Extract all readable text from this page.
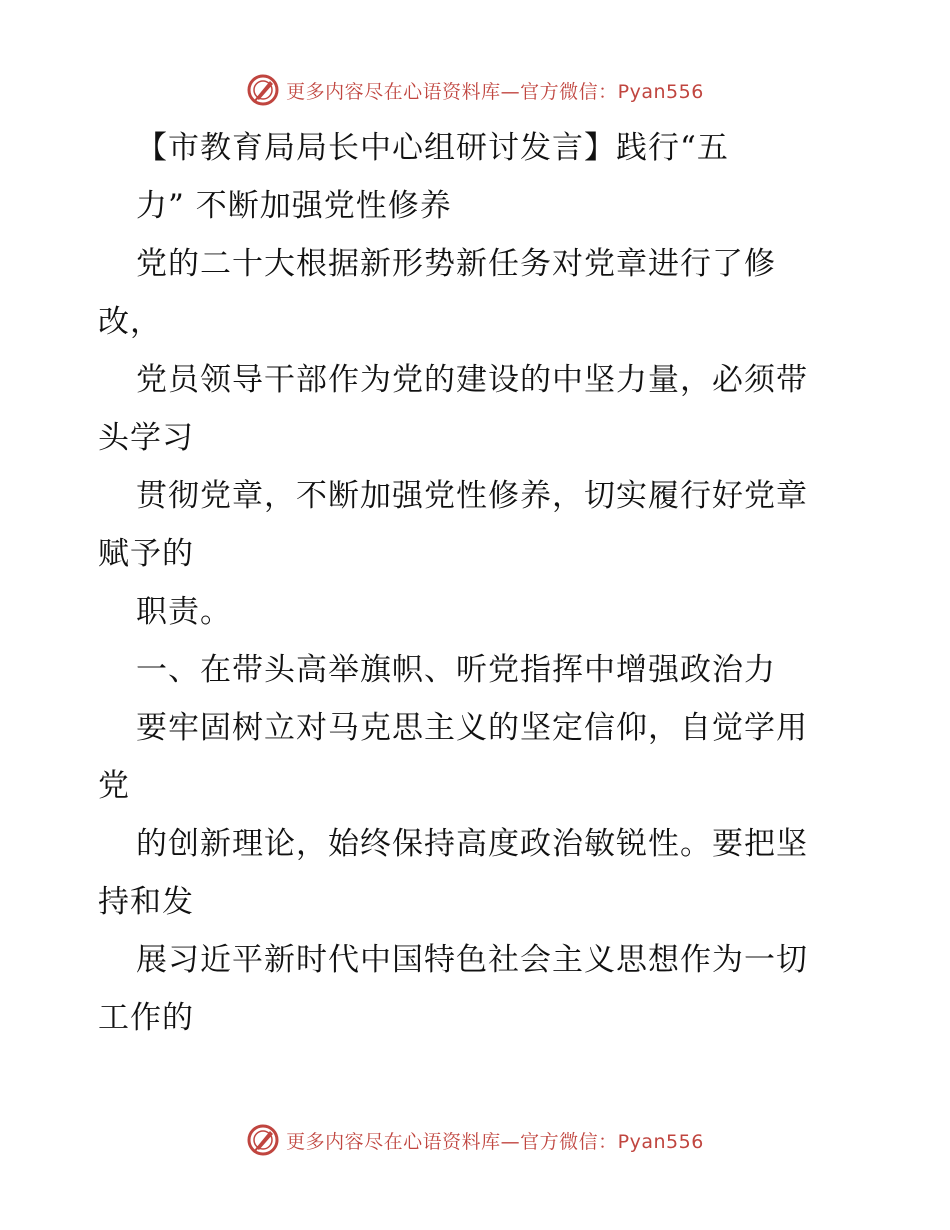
更多内容尽在心语资料库—官方微信：Pyan556
【市教育局局长中心组研讨发言】践行“五
力” 不断加强党性修养
党的二十大根据新形势新任务对党章进行了修
改，
党员领导干部作为党的建设的中坚力量，必须带
头学习
贯彻党章，不断加强党性修养，切实履行好党章
赋予的
职责。
一、在带头高举旗帜、听党指挥中增强政治力
要牢固树立对马克思主义的坚定信仰，自觉学用
党
的创新理论，始终保持高度政治敏锐性。要把坚
持和发
展习近平新时代中国特色社会主义思想作为一切
工作的
更多内容尽在心语资料库—官方微信：Pyan556
